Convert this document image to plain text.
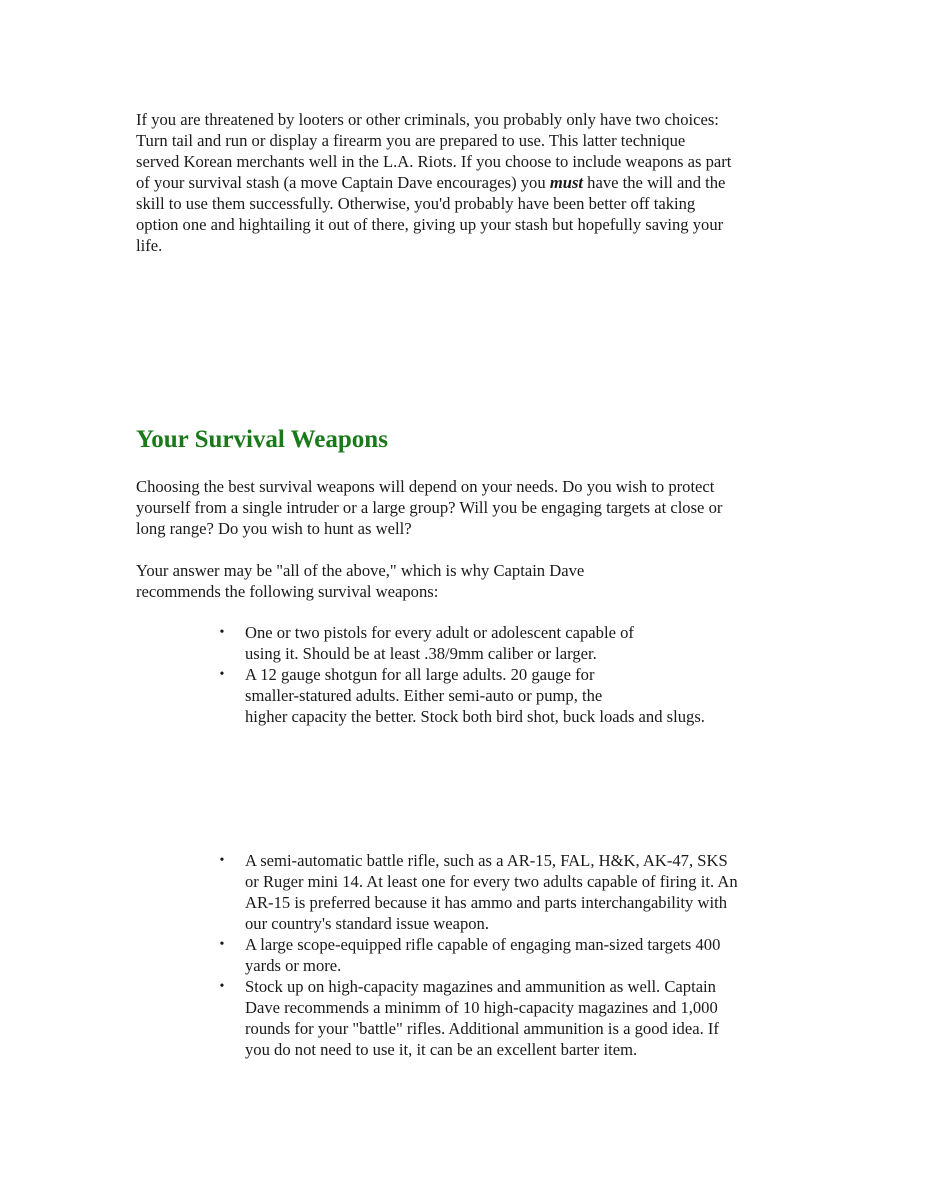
If you are threatened by looters or other criminals, you probably only have two choices:
Turn tail and run or display a firearm you are prepared to use. This latter technique
served Korean merchants well in the L.A. Riots. If you choose to include weapons as part
of your survival stash (a move Captain Dave encourages) you must have the will and the
skill to use them successfully. Otherwise, you'd probably have been better off taking
option one and hightailing it out of there, giving up your stash but hopefully saving your
life.

Your Survival Weapons

Choosing the best survival weapons will depend on your needs. Do you wish to protect
yourself from a single intruder or a large group? Will you be engaging targets at close or
long range? Do you wish to hunt as well?

Your answer may be "all of the above," which is why Captain Dave
recommends the following survival weapons:

• One or two pistols for every adult or adolescent capable of
using it. Should be at least .38/9mm caliber or larger.
• A 12 gauge shotgun for all large adults. 20 gauge for
smaller-statured adults. Either semi-auto or pump, the
higher capacity the better. Stock both bird shot, buck loads and slugs.
• A semi-automatic battle rifle, such as a AR-15, FAL, H&K, AK-47, SKS
or Ruger mini 14. At least one for every two adults capable of firing it. An
AR-15 is preferred because it has ammo and parts interchangability with
our country's standard issue weapon.
• A large scope-equipped rifle capable of engaging man-sized targets 400
yards or more.
• Stock up on high-capacity magazines and ammunition as well. Captain
Dave recommends a minimm of 10 high-capacity magazines and 1,000
rounds for your "battle" rifles. Additional ammunition is a good idea. If
you do not need to use it, it can be an excellent barter item.
